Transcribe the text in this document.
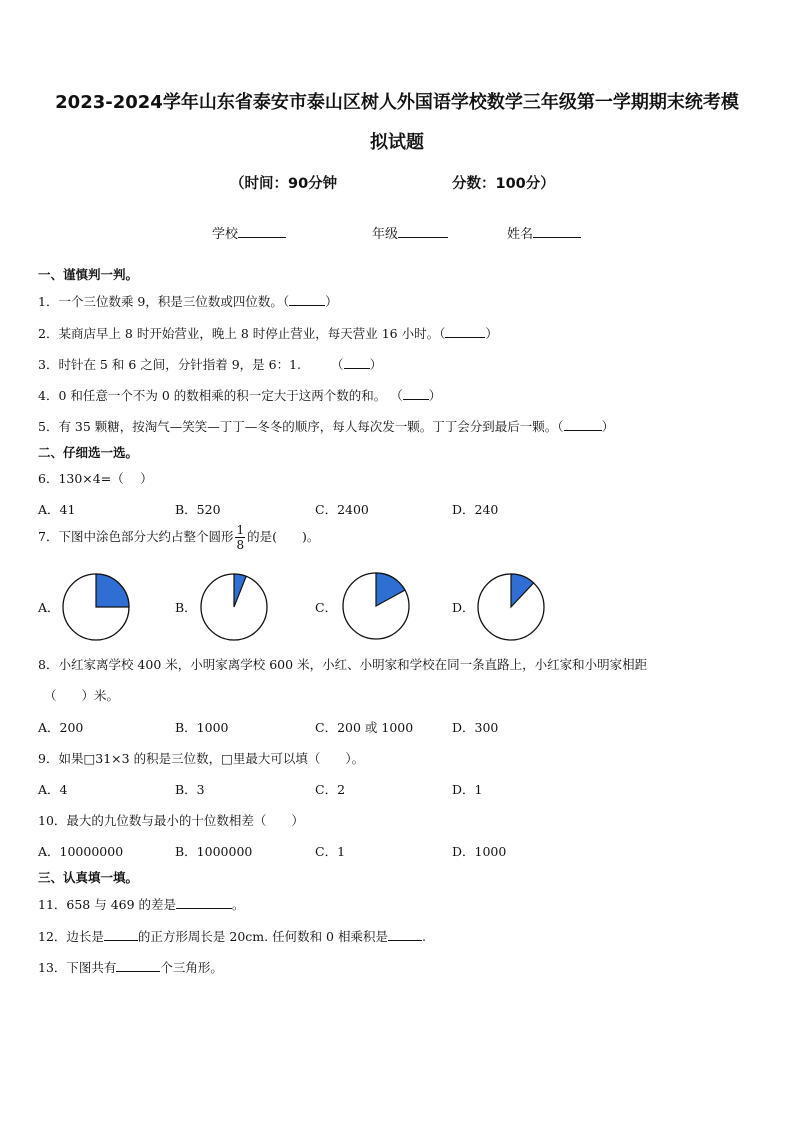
2023-2024学年山东省泰安市泰山区树人外国语学校数学三年级第一学期期末统考模
拟试题
（时间：90分钟	分数：100分）
学校	年级	姓名
一、谨慎判一判。
1．一个三位数乘 9，积是三位数或四位数。（	）
2．某商店早上 8 时开始营业，晚上 8 时停止营业，每天营业 16 小时。（	）
3．时针在 5 和 6 之间，分针指着 9，是 6：1. （ ）
4．0 和任意一个不为 0 的数相乘的积一定大于这两个数的和。 （ ）
5．有 35 颗糖，按淘气—笑笑—丁丁—冬冬的顺序，每人每次发一颗。丁丁会分到最后一颗。（	）
二、仔细选一选。
6．130×4=（　 ）
A．41	B．520	C．2400	D．240
7．下图中涂色部分大约占整个圆形 $\frac{1}{8}$ 的是(　　)。
A．	B．	C．	D．
8．小红家离学校 400 米，小明家离学校 600 米，小红、小明家和学校在同一条直路上，小红家和小明家相距
（　　）米。
A．200	B．1000	C．200 或 1000	D．300
9．如果□31×3 的积是三位数，□里最大可以填（　　）。
A．4	B．3	C．2	D．1
10．最大的九位数与最小的十位数相差（　　）
A．10000000	B．1000000	C．1	D．1000
三、认真填一填。
11．658 与 469 的差是	。
12．边长是	的正方形周长是 20cm. 任何数和 0 相乘积是	.
13．下图共有	个三角形。
